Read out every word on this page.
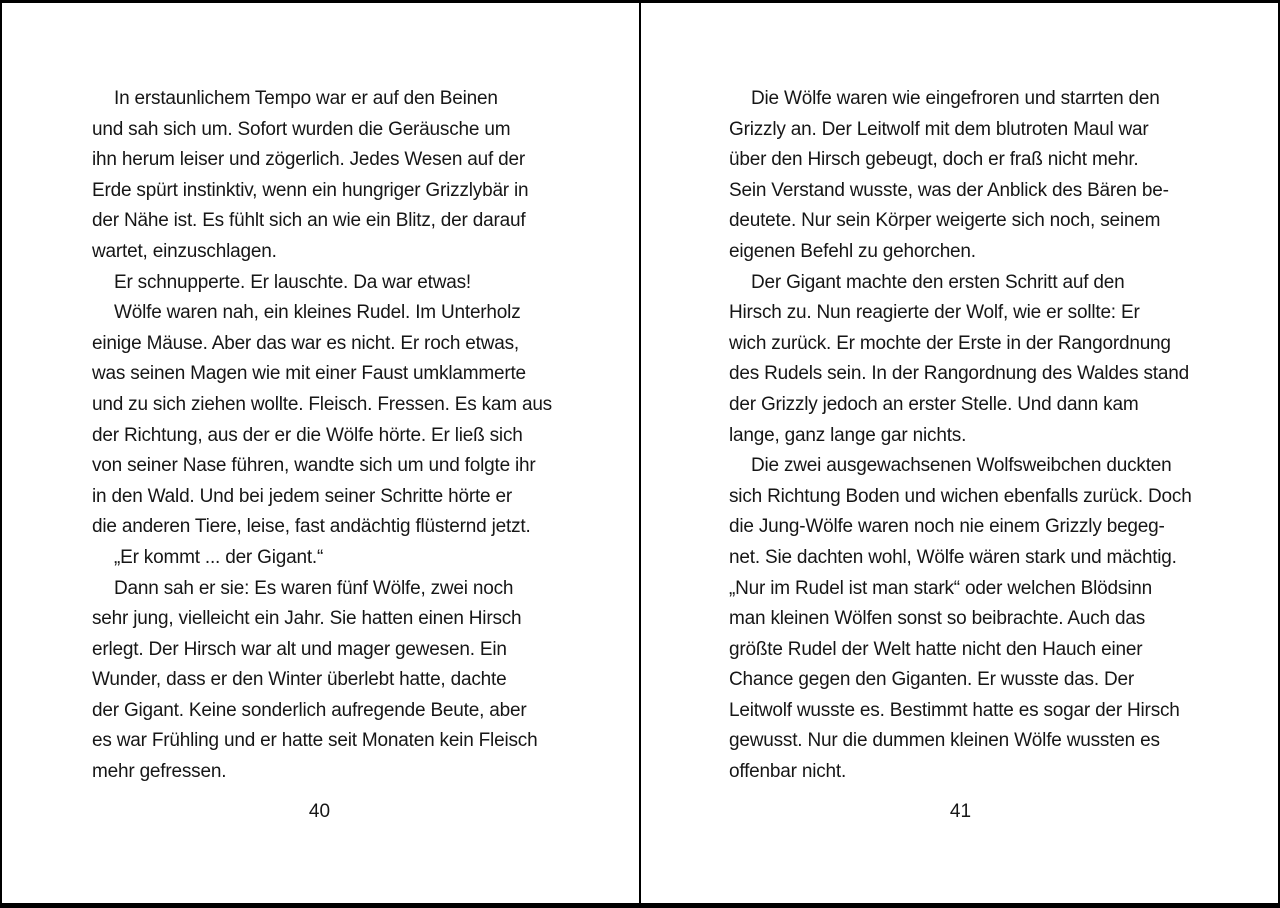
In erstaunlichem Tempo war er auf den Beinen
und sah sich um. Sofort wurden die Geräusche um
ihn herum leiser und zögerlich. Jedes Wesen auf der
Erde spürt instinktiv, wenn ein hungriger Grizzlybär in
der Nähe ist. Es fühlt sich an wie ein Blitz, der darauf
wartet, einzuschlagen.
Er schnupperte. Er lauschte. Da war etwas!
Wölfe waren nah, ein kleines Rudel. Im Unterholz
einige Mäuse. Aber das war es nicht. Er roch etwas,
was seinen Magen wie mit einer Faust umklammerte
und zu sich ziehen wollte. Fleisch. Fressen. Es kam aus
der Richtung, aus der er die Wölfe hörte. Er ließ sich
von seiner Nase führen, wandte sich um und folgte ihr
in den Wald. Und bei jedem seiner Schritte hörte er
die anderen Tiere, leise, fast andächtig flüsternd jetzt.
„Er kommt ... der Gigant.“
Dann sah er sie: Es waren fünf Wölfe, zwei noch
sehr jung, vielleicht ein Jahr. Sie hatten einen Hirsch
erlegt. Der Hirsch war alt und mager gewesen. Ein
Wunder, dass er den Winter überlebt hatte, dachte
der Gigant. Keine sonderlich aufregende Beute, aber
es war Frühling und er hatte seit Monaten kein Fleisch
mehr gefressen.
40
Die Wölfe waren wie eingefroren und starrten den
Grizzly an. Der Leitwolf mit dem blutroten Maul war
über den Hirsch gebeugt, doch er fraß nicht mehr.
Sein Verstand wusste, was der Anblick des Bären be-
deutete. Nur sein Körper weigerte sich noch, seinem
eigenen Befehl zu gehorchen.
Der Gigant machte den ersten Schritt auf den
Hirsch zu. Nun reagierte der Wolf, wie er sollte: Er
wich zurück. Er mochte der Erste in der Rangordnung
des Rudels sein. In der Rangordnung des Waldes stand
der Grizzly jedoch an erster Stelle. Und dann kam
lange, ganz lange gar nichts.
Die zwei ausgewachsenen Wolfsweibchen duckten
sich Richtung Boden und wichen ebenfalls zurück. Doch
die Jung-Wölfe waren noch nie einem Grizzly begeg-
net. Sie dachten wohl, Wölfe wären stark und mächtig.
„Nur im Rudel ist man stark“ oder welchen Blödsinn
man kleinen Wölfen sonst so beibrachte. Auch das
größte Rudel der Welt hatte nicht den Hauch einer
Chance gegen den Giganten. Er wusste das. Der
Leitwolf wusste es. Bestimmt hatte es sogar der Hirsch
gewusst. Nur die dummen kleinen Wölfe wussten es
offenbar nicht.
41
